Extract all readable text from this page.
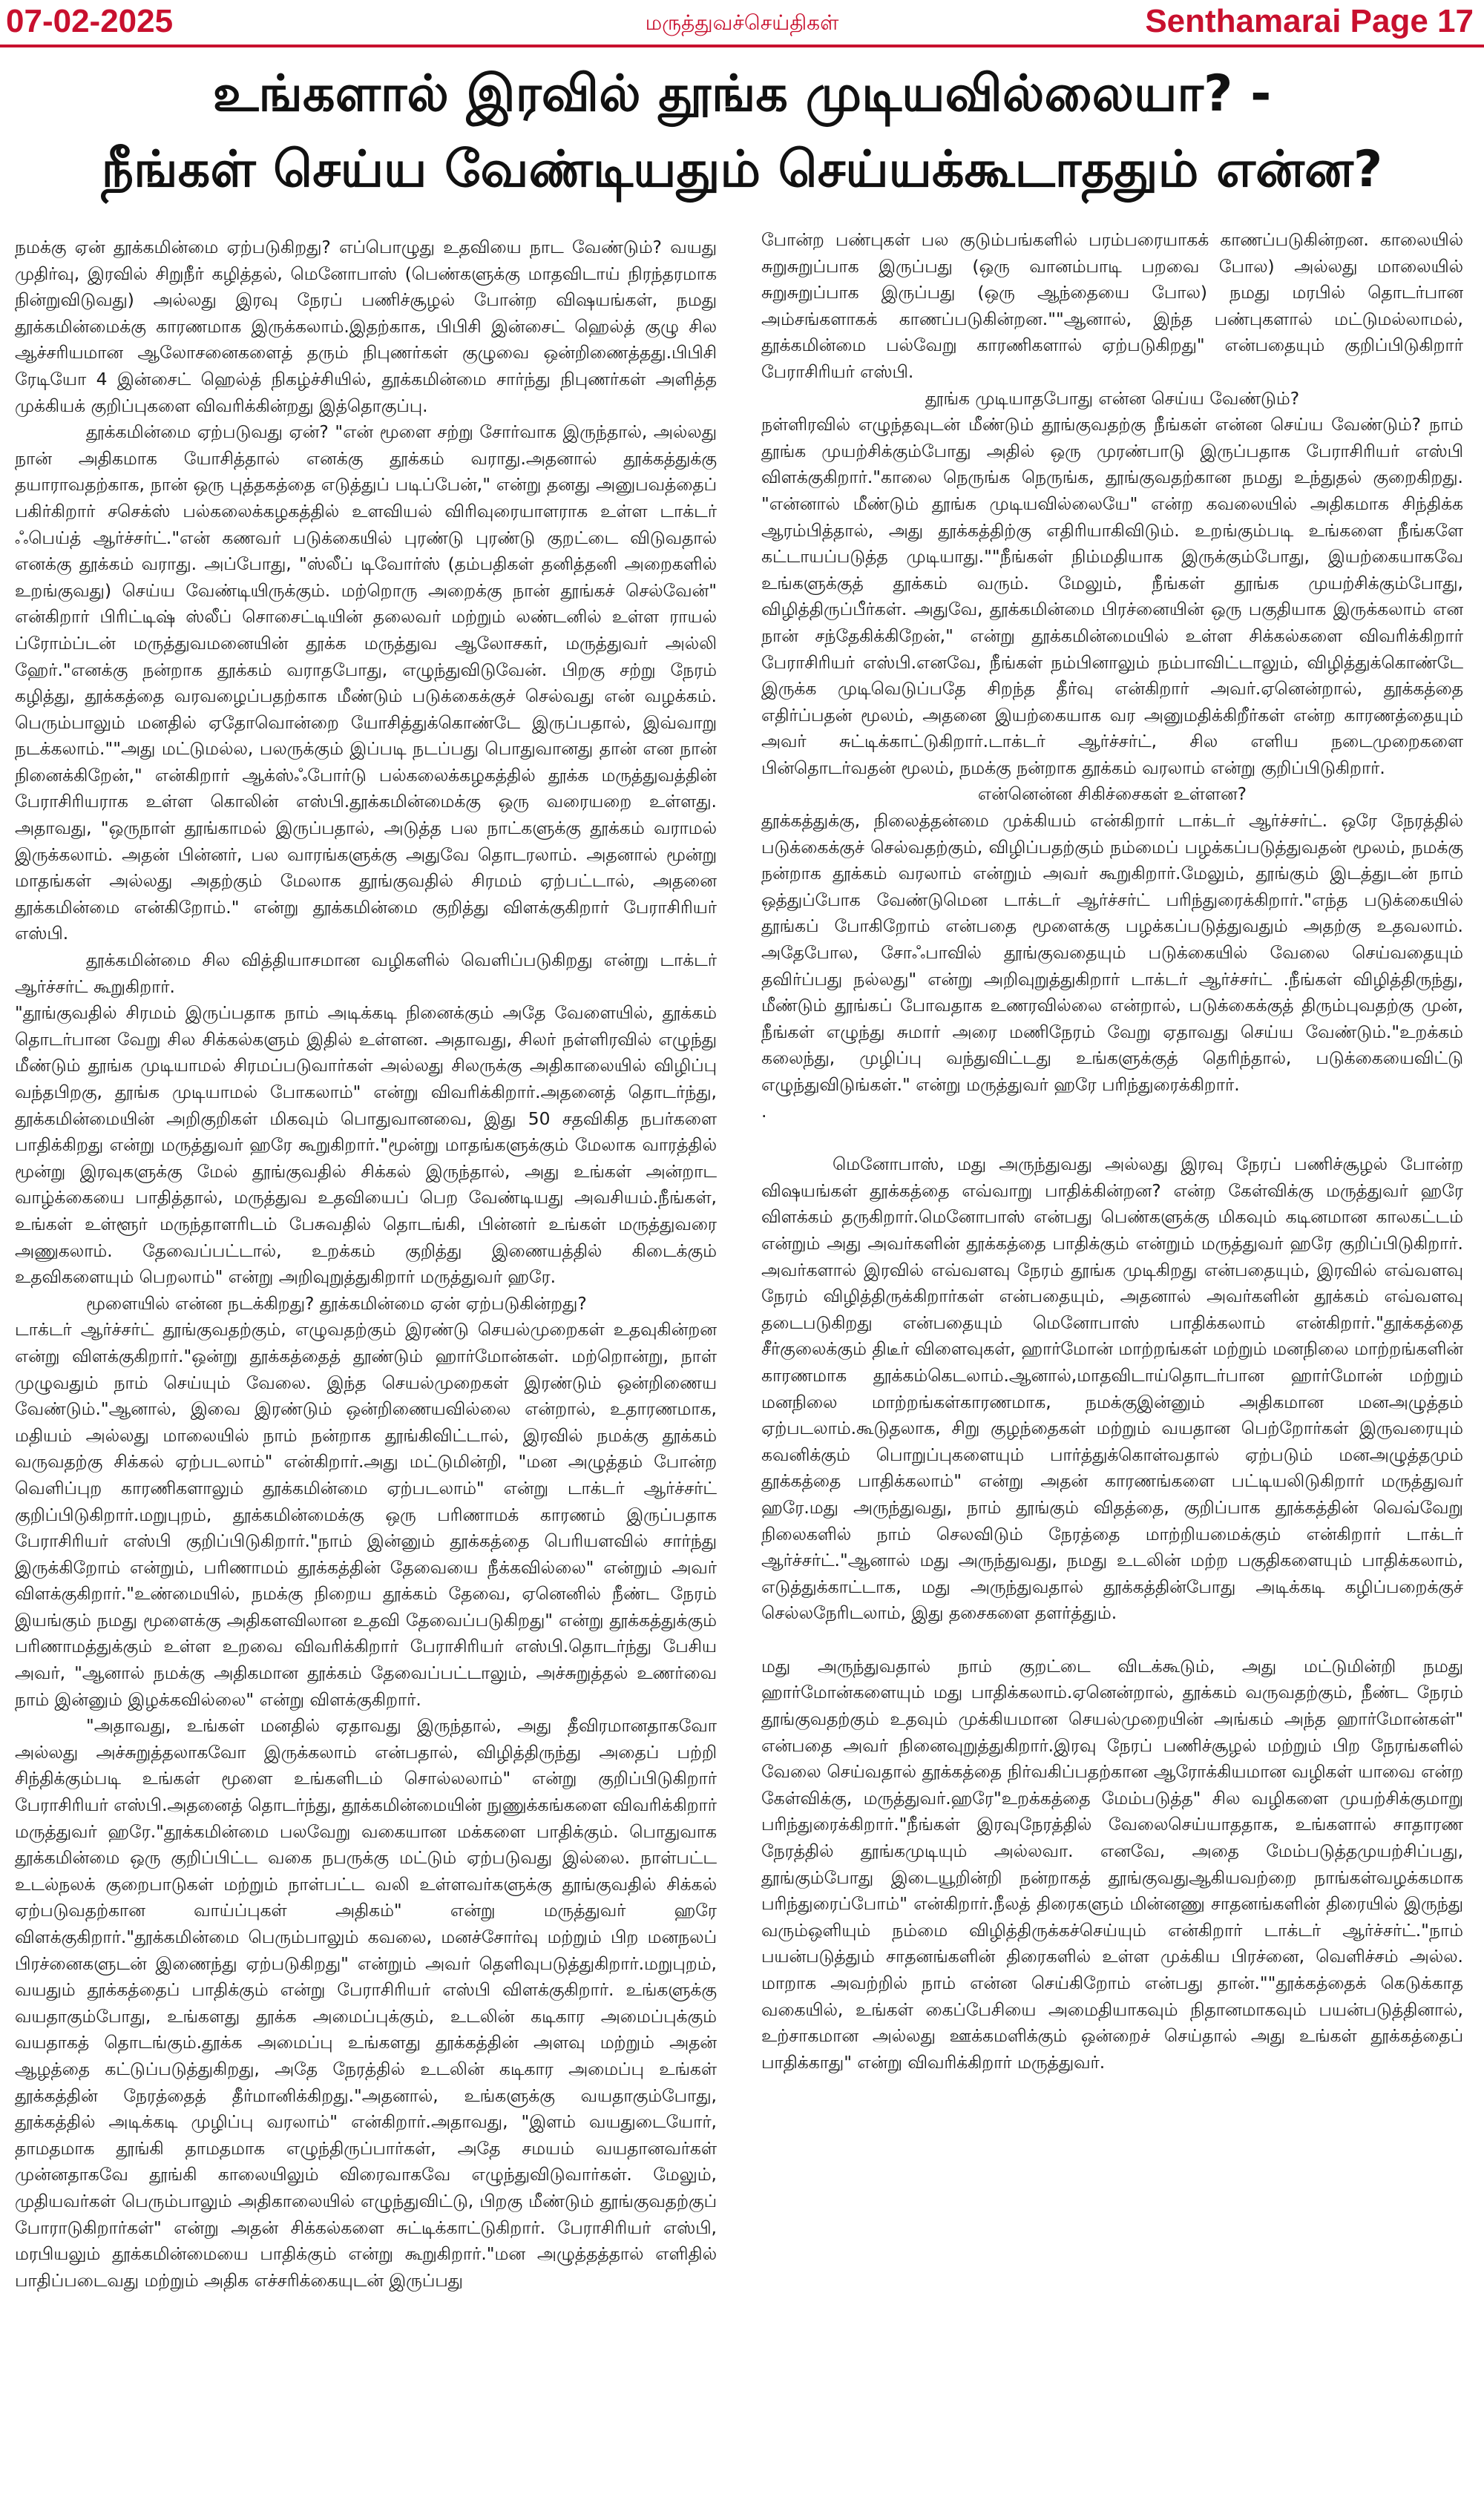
07-02-2025	மருத்துவச்செய்திகள்	Senthamarai Page 17
உங்களால் இரவில் தூங்க முடியவில்லையா? -
நீங்கள் செய்ய வேண்டியதும் செய்யக்கூடாததும் என்ன?

நமக்கு ஏன் தூக்கமின்மை ஏற்படுகிறது? எப்பொழுது உதவியை நாட வேண்டும்? வயது முதிர்வு, இரவில் சிறுநீர் கழித்தல், மெனோபாஸ் (பெண்களுக்கு மாதவிடாய் நிரந்தரமாக நின்றுவிடுவது) அல்லது இரவு நேரப் பணிச்சூழல் போன்ற விஷயங்கள், நமது தூக்கமின்மைக்கு காரணமாக இருக்கலாம்.இதற்காக, பிபிசி இன்சைட் ஹெல்த் குழு சில ஆச்சரியமான ஆலோசனைகளைத் தரும் நிபுணர்கள் குழுவை ஒன்றிணைத்தது.பிபிசி ரேடியோ 4 இன்சைட் ஹெல்த் நிகழ்ச்சியில், தூக்கமின்மை சார்ந்து நிபுணர்கள் அளித்த முக்கியக் குறிப்புகளை விவரிக்கின்றது இத்தொகுப்பு.

தூக்கமின்மை ஏற்படுவது ஏன்? "என் மூளை சற்று சோர்வாக இருந்தால், அல்லது நான் அதிகமாக யோசித்தால் எனக்கு தூக்கம் வராது.அதனால் தூக்கத்துக்கு தயாராவதற்காக, நான் ஒரு புத்தகத்தை எடுத்துப் படிப்பேன்," என்று தனது அனுபவத்தைப் பகிர்கிறார் சசெக்ஸ் பல்கலைக்கழகத்தில் உளவியல் விரிவுரையாளராக உள்ள டாக்டர் ஃபெய்த் ஆர்ச்சர்ட்."என் கணவர் படுக்கையில் புரண்டு புரண்டு குறட்டை விடுவதால் எனக்கு தூக்கம் வராது. அப்போது, "ஸ்லீப் டிவோர்ஸ் (தம்பதிகள் தனித்தனி அறைகளில் உறங்குவது) செய்ய வேண்டியிருக்கும். மற்றொரு அறைக்கு நான் தூங்கச் செல்வேன்" என்கிறார் பிரிட்டிஷ் ஸ்லீப் சொசைட்டியின் தலைவர் மற்றும் லண்டனில் உள்ள ராயல் ப்ரோம்ப்டன் மருத்துவமனையின் தூக்க மருத்துவ ஆலோசகர், மருத்துவர் அல்லி ஹேர்."எனக்கு நன்றாக தூக்கம் வராதபோது, எழுந்துவிடுவேன். பிறகு சற்று நேரம் கழித்து, தூக்கத்தை வரவழைப்பதற்காக மீண்டும் படுக்கைக்குச் செல்வது என் வழக்கம். பெரும்பாலும் மனதில் ஏதோவொன்றை யோசித்துக்கொண்டே இருப்பதால், இவ்வாறு நடக்கலாம்.""அது மட்டுமல்ல, பலருக்கும் இப்படி நடப்பது பொதுவானது தான் என நான் நினைக்கிறேன்," என்கிறார் ஆக்ஸ்ஃபோர்டு பல்கலைக்கழகத்தில் தூக்க மருத்துவத்தின் பேராசிரியராக உள்ள கொலின் எஸ்பி.தூக்கமின்மைக்கு ஒரு வரையறை உள்ளது. அதாவது, "ஒருநாள் தூங்காமல் இருப்பதால், அடுத்த பல நாட்களுக்கு தூக்கம் வராமல் இருக்கலாம். அதன் பின்னர், பல வாரங்களுக்கு அதுவே தொடரலாம். அதனால் மூன்று மாதங்கள் அல்லது அதற்கும் மேலாக தூங்குவதில் சிரமம் ஏற்பட்டால், அதனை தூக்கமின்மை என்கிறோம்." என்று தூக்கமின்மை குறித்து விளக்குகிறார் பேராசிரியர் எஸ்பி.

தூக்கமின்மை சில வித்தியாசமான வழிகளில் வெளிப்படுகிறது என்று டாக்டர் ஆர்ச்சர்ட் கூறுகிறார்.

"தூங்குவதில் சிரமம் இருப்பதாக நாம் அடிக்கடி நினைக்கும் அதே வேளையில், தூக்கம் தொடர்பான வேறு சில சிக்கல்களும் இதில் உள்ளன. அதாவது, சிலர் நள்ளிரவில் எழுந்து மீண்டும் தூங்க முடியாமல் சிரமப்படுவார்கள் அல்லது சிலருக்கு அதிகாலையில் விழிப்பு வந்தபிறகு, தூங்க முடியாமல் போகலாம்" என்று விவரிக்கிறார்.அதனைத் தொடர்ந்து, தூக்கமின்மையின் அறிகுறிகள் மிகவும் பொதுவானவை, இது 50 சதவிகித நபர்களை பாதிக்கிறது என்று மருத்துவர் ஹரே கூறுகிறார்."மூன்று மாதங்களுக்கும் மேலாக வாரத்தில் மூன்று இரவுகளுக்கு மேல் தூங்குவதில் சிக்கல் இருந்தால், அது உங்கள் அன்றாட வாழ்க்கையை பாதித்தால், மருத்துவ உதவியைப் பெற வேண்டியது அவசியம்.நீங்கள், உங்கள் உள்ளூர் மருந்தாளரிடம் பேசுவதில் தொடங்கி, பின்னர் உங்கள் மருத்துவரை அணுகலாம். தேவைப்பட்டால், உறக்கம் குறித்து இணையத்தில் கிடைக்கும் உதவிகளையும் பெறலாம்" என்று அறிவுறுத்துகிறார் மருத்துவர் ஹரே.

மூளையில் என்ன நடக்கிறது? தூக்கமின்மை ஏன் ஏற்படுகின்றது?

டாக்டர் ஆர்ச்சர்ட் தூங்குவதற்கும், எழுவதற்கும் இரண்டு செயல்முறைகள் உதவுகின்றன என்று விளக்குகிறார்."ஒன்று தூக்கத்தைத் தூண்டும் ஹார்மோன்கள். மற்றொன்று, நாள் முழுவதும் நாம் செய்யும் வேலை. இந்த செயல்முறைகள் இரண்டும் ஒன்றிணைய வேண்டும்."ஆனால், இவை இரண்டும் ஒன்றிணையவில்லை என்றால், உதாரணமாக, மதியம் அல்லது மாலையில் நாம் நன்றாக தூங்கிவிட்டால், இரவில் நமக்கு தூக்கம் வருவதற்கு சிக்கல் ஏற்படலாம்" என்கிறார்.அது மட்டுமின்றி, "மன அழுத்தம் போன்ற வெளிப்புற காரணிகளாலும் தூக்கமின்மை ஏற்படலாம்" என்று டாக்டர் ஆர்ச்சர்ட் குறிப்பிடுகிறார்.மறுபுறம், தூக்கமின்மைக்கு ஒரு பரிணாமக் காரணம் இருப்பதாக பேராசிரியர் எஸ்பி குறிப்பிடுகிறார்."நாம் இன்னும் தூக்கத்தை பெரியளவில் சார்ந்து இருக்கிறோம் என்றும், பரிணாமம் தூக்கத்தின் தேவையை நீக்கவில்லை" என்றும் அவர் விளக்குகிறார்."உண்மையில், நமக்கு நிறைய தூக்கம் தேவை, ஏனெனில் நீண்ட நேரம் இயங்கும் நமது மூளைக்கு அதிகளவிலான உதவி தேவைப்படுகிறது" என்று தூக்கத்துக்கும் பரிணாமத்துக்கும் உள்ள உறவை விவரிக்கிறார் பேராசிரியர் எஸ்பி.தொடர்ந்து பேசிய அவர், "ஆனால் நமக்கு அதிகமான தூக்கம் தேவைப்பட்டாலும், அச்சுறுத்தல் உணர்வை நாம் இன்னும் இழக்கவில்லை" என்று விளக்குகிறார்.

"அதாவது, உங்கள் மனதில் ஏதாவது இருந்தால், அது தீவிரமானதாகவோ அல்லது அச்சுறுத்தலாகவோ இருக்கலாம் என்பதால், விழித்திருந்து அதைப் பற்றி சிந்திக்கும்படி உங்கள் மூளை உங்களிடம் சொல்லலாம்" என்று குறிப்பிடுகிறார் பேராசிரியர் எஸ்பி.அதனைத் தொடர்ந்து, தூக்கமின்மையின் நுணுக்கங்களை விவரிக்கிறார் மருத்துவர் ஹரே."தூக்கமின்மை பலவேறு வகையான மக்களை பாதிக்கும். பொதுவாக தூக்கமின்மை ஒரு குறிப்பிட்ட வகை நபருக்கு மட்டும் ஏற்படுவது இல்லை. நாள்பட்ட உடல்நலக் குறைபாடுகள் மற்றும் நாள்பட்ட வலி உள்ளவர்களுக்கு தூங்குவதில் சிக்கல் ஏற்படுவதற்கான வாய்ப்புகள் அதிகம்" என்று மருத்துவர் ஹரே விளக்குகிறார்."தூக்கமின்மை பெரும்பாலும் கவலை, மனச்சோர்வு மற்றும் பிற மனநலப் பிரச்னைகளுடன் இணைந்து ஏற்படுகிறது" என்றும் அவர் தெளிவுபடுத்துகிறார்.மறுபுறம், வயதும் தூக்கத்தைப் பாதிக்கும் என்று பேராசிரியர் எஸ்பி விளக்குகிறார். உங்களுக்கு வயதாகும்போது, உங்களது தூக்க அமைப்புக்கும், உடலின் கடிகார அமைப்புக்கும் வயதாகத் தொடங்கும்.தூக்க அமைப்பு உங்களது தூக்கத்தின் அளவு மற்றும் அதன் ஆழத்தை கட்டுப்படுத்துகிறது, அதே நேரத்தில் உடலின் கடிகார அமைப்பு உங்கள் தூக்கத்தின் நேரத்தைத் தீர்மானிக்கிறது."அதனால், உங்களுக்கு வயதாகும்போது, தூக்கத்தில் அடிக்கடி முழிப்பு வரலாம்" என்கிறார்.அதாவது, "இளம் வயதுடையோர், தாமதமாக தூங்கி தாமதமாக எழுந்திருப்பார்கள், அதே சமயம் வயதானவர்கள் முன்னதாகவே தூங்கி காலையிலும் விரைவாகவே எழுந்துவிடுவார்கள். மேலும், முதியவர்கள் பெரும்பாலும் அதிகாலையில் எழுந்துவிட்டு, பிறகு மீண்டும் தூங்குவதற்குப் போராடுகிறார்கள்" என்று அதன் சிக்கல்களை சுட்டிக்காட்டுகிறார். பேராசிரியர் எஸ்பி, மரபியலும் தூக்கமின்மையை பாதிக்கும் என்று கூறுகிறார்."மன அழுத்தத்தால் எளிதில் பாதிப்படைவது மற்றும் அதிக எச்சரிக்கையுடன் இருப்பது

போன்ற பண்புகள் பல குடும்பங்களில் பரம்பரையாகக் காணப்படுகின்றன. காலையில் சுறுசுறுப்பாக இருப்பது (ஒரு வானம்பாடி பறவை போல) அல்லது மாலையில் சுறுசுறுப்பாக இருப்பது (ஒரு ஆந்தையை போல) நமது மரபில் தொடர்பான அம்சங்களாகக் காணப்படுகின்றன.""ஆனால், இந்த பண்புகளால் மட்டுமல்லாமல், தூக்கமின்மை பல்வேறு காரணிகளால் ஏற்படுகிறது" என்பதையும் குறிப்பிடுகிறார் பேராசிரியர் எஸ்பி.

தூங்க முடியாதபோது என்ன செய்ய வேண்டும்?

நள்ளிரவில் எழுந்தவுடன் மீண்டும் தூங்குவதற்கு நீங்கள் என்ன செய்ய வேண்டும்? நாம் தூங்க முயற்சிக்கும்போது அதில் ஒரு முரண்பாடு இருப்பதாக பேராசிரியர் எஸ்பி விளக்குகிறார்."காலை நெருங்க நெருங்க, தூங்குவதற்கான நமது உந்துதல் குறைகிறது. "என்னால் மீண்டும் தூங்க முடியவில்லையே" என்ற கவலையில் அதிகமாக சிந்திக்க ஆரம்பித்தால், அது தூக்கத்திற்கு எதிரியாகிவிடும். உறங்கும்படி உங்களை நீங்களே கட்டாயப்படுத்த முடியாது.""நீங்கள் நிம்மதியாக இருக்கும்போது, இயற்கையாகவே உங்களுக்குத் தூக்கம் வரும். மேலும், நீங்கள் தூங்க முயற்சிக்கும்போது, விழித்திருப்பீர்கள். அதுவே, தூக்கமின்மை பிரச்னையின் ஒரு பகுதியாக இருக்கலாம் என நான் சந்தேகிக்கிறேன்," என்று தூக்கமின்மையில் உள்ள சிக்கல்களை விவரிக்கிறார் பேராசிரியர் எஸ்பி.எனவே, நீங்கள் நம்பினாலும் நம்பாவிட்டாலும், விழித்துக்கொண்டே இருக்க முடிவெடுப்பதே சிறந்த தீர்வு என்கிறார் அவர்.ஏனென்றால், தூக்கத்தை எதிர்ப்பதன் மூலம், அதனை இயற்கையாக வர அனுமதிக்கிறீர்கள் என்ற காரணத்தையும் அவர் சுட்டிக்காட்டுகிறார்.டாக்டர் ஆர்ச்சர்ட், சில எளிய நடைமுறைகளை பின்தொடர்வதன் மூலம், நமக்கு நன்றாக தூக்கம் வரலாம் என்று குறிப்பிடுகிறார்.

என்னென்ன சிகிச்சைகள் உள்ளன?

தூக்கத்துக்கு, நிலைத்தன்மை முக்கியம் என்கிறார் டாக்டர் ஆர்ச்சர்ட். ஒரே நேரத்தில் படுக்கைக்குச் செல்வதற்கும், விழிப்பதற்கும் நம்மைப் பழக்கப்படுத்துவதன் மூலம், நமக்கு நன்றாக தூக்கம் வரலாம் என்றும் அவர் கூறுகிறார்.மேலும், தூங்கும் இடத்துடன் நாம் ஒத்துப்போக வேண்டுமென டாக்டர் ஆர்ச்சர்ட் பரிந்துரைக்கிறார்."எந்த படுக்கையில் தூங்கப் போகிறோம் என்பதை மூளைக்கு பழக்கப்படுத்துவதும் அதற்கு உதவலாம். அதேபோல, சோஃபாவில் தூங்குவதையும் படுக்கையில் வேலை செய்வதையும் தவிர்ப்பது நல்லது" என்று அறிவுறுத்துகிறார் டாக்டர் ஆர்ச்சர்ட் .நீங்கள் விழித்திருந்து, மீண்டும் தூங்கப் போவதாக உணரவில்லை என்றால், படுக்கைக்குத் திரும்புவதற்கு முன், நீங்கள் எழுந்து சுமார் அரை மணிநேரம் வேறு ஏதாவது செய்ய வேண்டும்."உறக்கம் கலைந்து, முழிப்பு வந்துவிட்டது உங்களுக்குத் தெரிந்தால், படுக்கையைவிட்டு எழுந்துவிடுங்கள்." என்று மருத்துவர் ஹரே பரிந்துரைக்கிறார்.

.

மெனோபாஸ், மது அருந்துவது அல்லது இரவு நேரப் பணிச்சூழல் போன்ற விஷயங்கள் தூக்கத்தை எவ்வாறு பாதிக்கின்றன? என்ற கேள்விக்கு மருத்துவர் ஹரே விளக்கம் தருகிறார்.மெனோபாஸ் என்பது பெண்களுக்கு மிகவும் கடினமான காலகட்டம் என்றும் அது அவர்களின் தூக்கத்தை பாதிக்கும் என்றும் மருத்துவர் ஹரே குறிப்பிடுகிறார். அவர்களால் இரவில் எவ்வளவு நேரம் தூங்க முடிகிறது என்பதையும், இரவில் எவ்வளவு நேரம் விழித்திருக்கிறார்கள் என்பதையும், அதனால் அவர்களின் தூக்கம் எவ்வளவு தடைபடுகிறது என்பதையும் மெனோபாஸ் பாதிக்கலாம் என்கிறார்."தூக்கத்தை சீர்குலைக்கும் திடீர் விளைவுகள், ஹார்மோன் மாற்றங்கள் மற்றும் மனநிலை மாற்றங்களின் காரணமாக தூக்கம்கெடலாம்.ஆனால்,மாதவிடாய்தொடர்பான ஹார்மோன் மற்றும் மனநிலை மாற்றங்கள்காரணமாக, நமக்குஇன்னும் அதிகமான மனஅழுத்தம் ஏற்படலாம்.கூடுதலாக, சிறு குழந்தைகள் மற்றும் வயதான பெற்றோர்கள் இருவரையும் கவனிக்கும் பொறுப்புகளையும் பார்த்துக்கொள்வதால் ஏற்படும் மனஅழுத்தமும் தூக்கத்தை பாதிக்கலாம்" என்று அதன் காரணங்களை பட்டியலிடுகிறார் மருத்துவர் ஹரே.மது அருந்துவது, நாம் தூங்கும் விதத்தை, குறிப்பாக தூக்கத்தின் வெவ்வேறு நிலைகளில் நாம் செலவிடும் நேரத்தை மாற்றியமைக்கும் என்கிறார் டாக்டர் ஆர்ச்சர்ட்."ஆனால் மது அருந்துவது, நமது உடலின் மற்ற பகுதிகளையும் பாதிக்கலாம், எடுத்துக்காட்டாக, மது அருந்துவதால் தூக்கத்தின்போது அடிக்கடி கழிப்பறைக்குச் செல்லநேரிடலாம், இது தசைகளை தளர்த்தும்.

மது அருந்துவதால் நாம் குறட்டை விடக்கூடும், அது மட்டுமின்றி நமது ஹார்மோன்களையும் மது பாதிக்கலாம்.ஏனென்றால், தூக்கம் வருவதற்கும், நீண்ட நேரம் தூங்குவதற்கும் உதவும் முக்கியமான செயல்முறையின் அங்கம் அந்த ஹார்மோன்கள்" என்பதை அவர் நினைவுறுத்துகிறார்.இரவு நேரப் பணிச்சூழல் மற்றும் பிற நேரங்களில் வேலை செய்வதால் தூக்கத்தை நிர்வகிப்பதற்கான ஆரோக்கியமான வழிகள் யாவை என்ற கேள்விக்கு, மருத்துவர்.ஹரே"உறக்கத்தை மேம்படுத்த" சில வழிகளை முயற்சிக்குமாறு பரிந்துரைக்கிறார்."நீங்கள் இரவுநேரத்தில் வேலைசெய்யாததாக, உங்களால் சாதாரண நேரத்தில் தூங்கமுடியும் அல்லவா. எனவே, அதை மேம்படுத்தமுயற்சிப்பது, தூங்கும்போது இடையூறின்றி நன்றாகத் தூங்குவதுஆகியவற்றை நாங்கள்வழக்கமாக பரிந்துரைப்போம்" என்கிறார்.நீலத் திரைகளும் மின்னணு சாதனங்களின் திரையில் இருந்து வரும்ஒளியும் நம்மை விழித்திருக்கச்செய்யும் என்கிறார் டாக்டர் ஆர்ச்சர்ட்."நாம் பயன்படுத்தும் சாதனங்களின் திரைகளில் உள்ள முக்கிய பிரச்னை, வெளிச்சம் அல்ல. மாறாக அவற்றில் நாம் என்ன செய்கிறோம் என்பது தான்.""தூக்கத்தைக் கெடுக்காத வகையில், உங்கள் கைப்பேசியை அமைதியாகவும் நிதானமாகவும் பயன்படுத்தினால், உற்சாகமான அல்லது ஊக்கமளிக்கும் ஒன்றைச் செய்தால் அது உங்கள் தூக்கத்தைப் பாதிக்காது" என்று விவரிக்கிறார் மருத்துவர்.
